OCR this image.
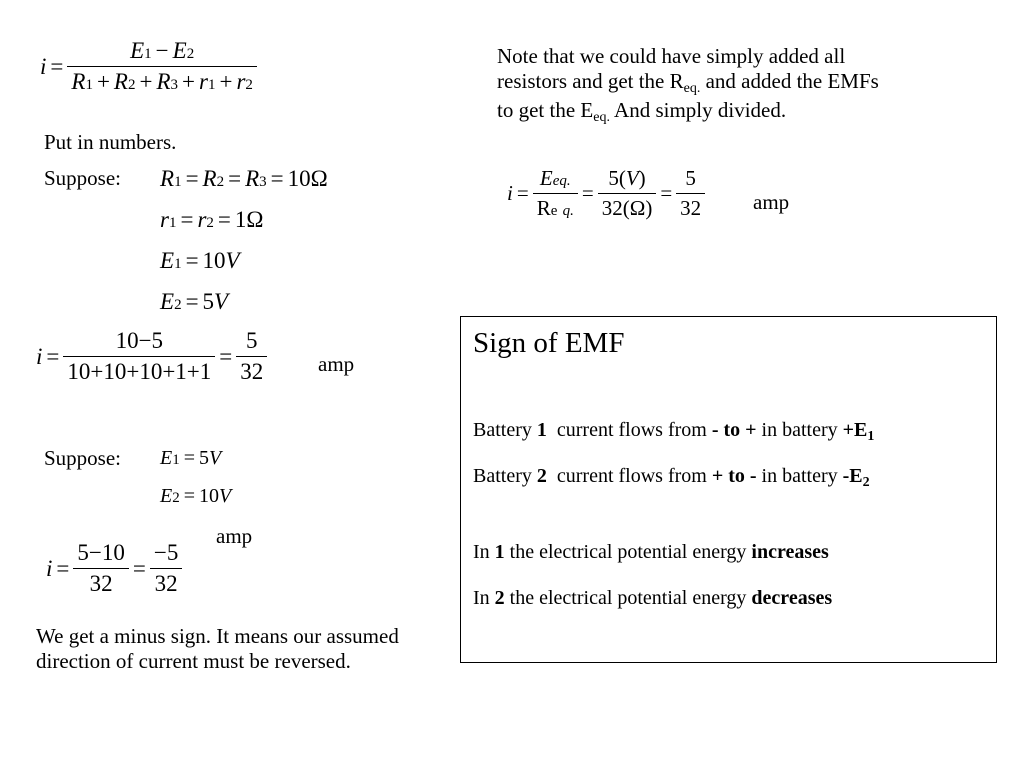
$i = \frac{E1 - E2}{R1 + R2 + R3 + r1 + r2}$
Put in numbers.
Suppose: R1 = R2 = R3 = 10Ω
r1 = r2 = 1Ω
E1 = 10V
E2 = 5V
$i = \frac{10-5}{10+10+10+1+1} = \frac{5}{32}$ amp
Suppose: E1 = 5V
E2 = 10V
amp
$i = \frac{5-10}{32} = \frac{-5}{32}$
We get a minus sign. It means our assumed direction of current must be reversed.
Note that we could have simply added all
resistors and get the Req. and added the EMFs
to get the Eeq. And simply divided.
$i = \frac{\text{Eeq.}}{\text{Re q.}} = \frac{5(V)}{32(\Omega)} = \frac{5}{32}$ amp
Sign of EMF
Battery 1  current flows from - to + in battery $+E_1$
Battery 2  current flows from + to - in battery $-E_2$
In 1 the electrical potential energy increases
In 2 the electrical potential energy decreases
